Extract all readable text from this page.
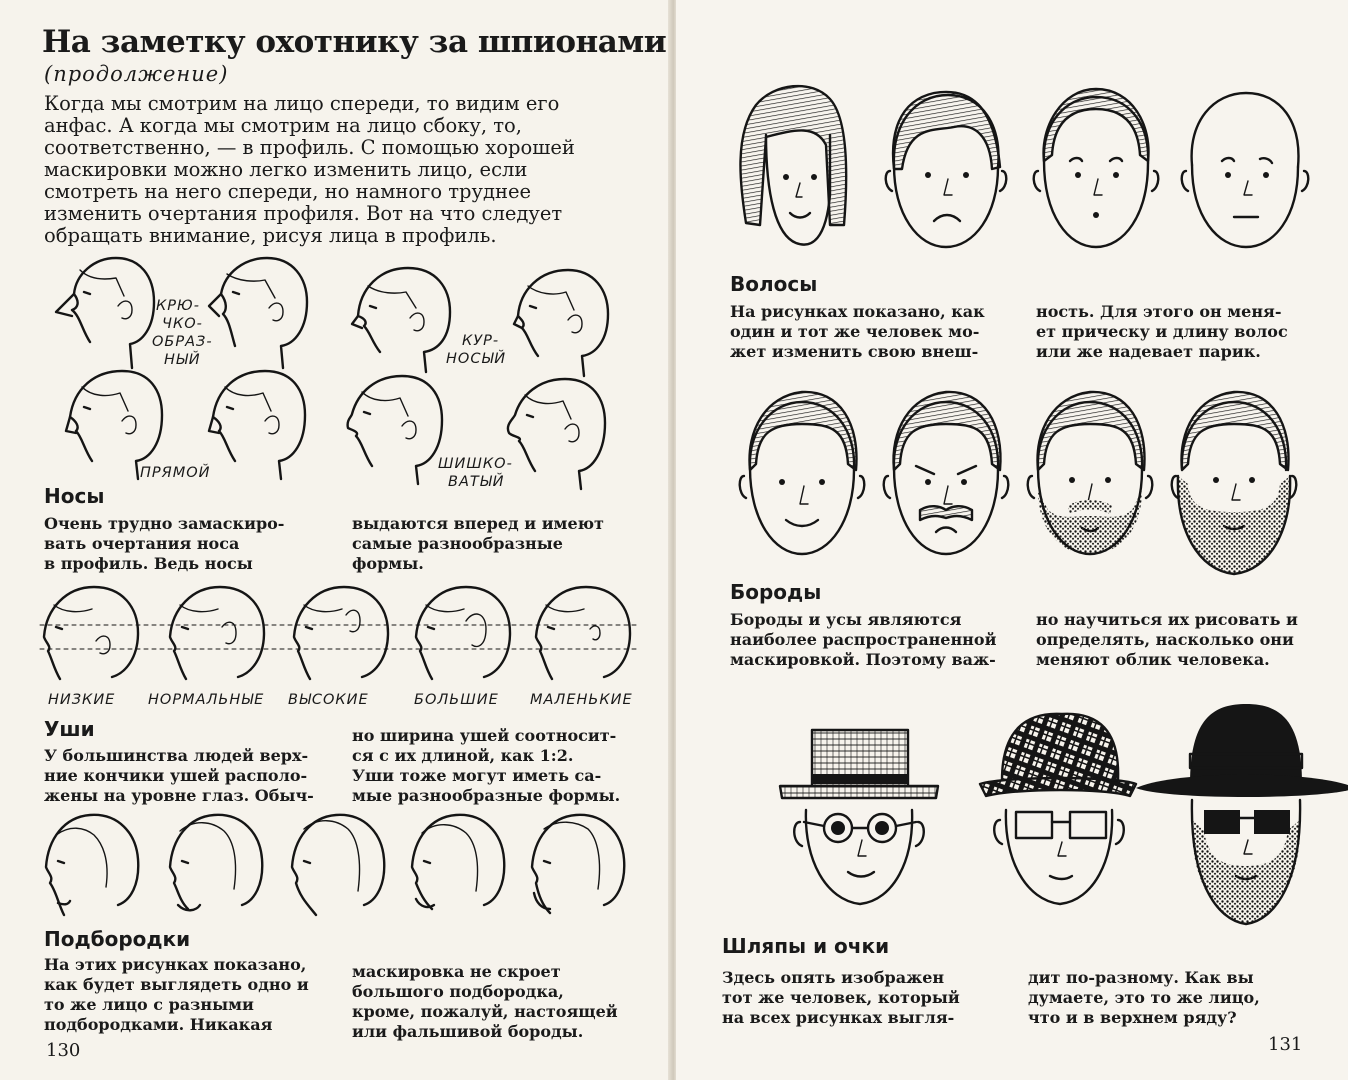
На заметку охотнику за шпионами
(продолжение)
Когда мы смотрим на лицо спереди, то видим его
анфас. А когда мы смотрим на лицо сбоку, то,
соответственно, — в профиль. С помощью хорошей
маскировки можно легко изменить лицо, если
смотреть на него спереди, но намного труднее
изменить очертания профиля. Вот на что следует
обращать внимание, рисуя лица в профиль.
КРЮ-
ЧКО-
ОБРАЗ-
НЫЙ
КУР-
НОСЫЙ
ПРЯМОЙ
ШИШКО-
ВАТЫЙ
Носы
Очень трудно замаскиро-
вать очертания носа
в профиль. Ведь носы
выдаются вперед и имеют
самые разнообразные
формы.
НИЗКИЕ НОРМАЛЬНЫЕ ВЫСОКИЕ	БОЛЬШИЕ МАЛЕНЬКИЕ
Уши
У большинства людей верх-
ние кончики ушей располо-
жены на уровне глаз. Обыч-
но ширина ушей соотносит-
ся с их длиной, как 1:2.
Уши тоже могут иметь са-
мые разнообразные формы.
Подбородки
На этих рисунках показано,
как будет выглядеть одно и
то же лицо с разными
подбородками. Никакая
маскировка не скроет
большого подбородка,
кроме, пожалуй, настоящей
или фальшивой бороды.
130
Волосы
На рисунках показано, как
один и тот же человек мо-
жет изменить свою внеш-
ность. Для этого он меня-
ет прическу и длину волос
или же надевает парик.
Бороды
Бороды и усы являются
наиболее распространенной
маскировкой. Поэтому важ-
но научиться их рисовать и
определять, насколько они
меняют облик человека.
Шляпы и очки
Здесь опять изображен
тот же человек, который
на всех рисунках выгля-
дит по-разному. Как вы
думаете, это то же лицо,
что и в верхнем ряду?
131
